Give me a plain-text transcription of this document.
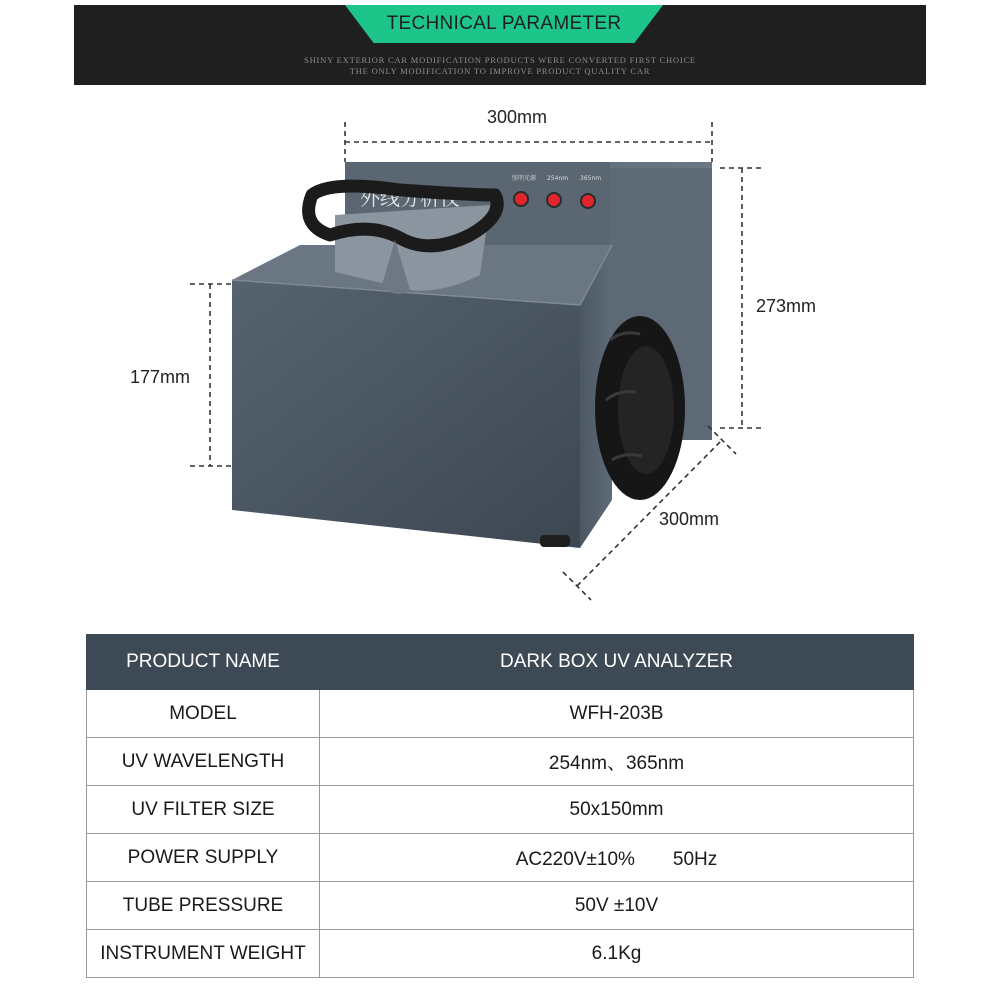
TECHNICAL PARAMETER
SHINY EXTERIOR CAR MODIFICATION PRODUCTS WERE CONVERTED FIRST CHOICE
THE ONLY MODIFICATION TO IMPROVE PRODUCT QUALITY CAR
外线分析仪
照明光源 254nm 365nm
300mm
273mm
177mm
300mm
PRODUCT NAME	DARK BOX UV ANALYZER
MODEL	WFH-203B
UV WAVELENGTH	254nm、365nm
UV FILTER SIZE	50x150mm
POWER SUPPLY	AC220V±10%　　50Hz
TUBE PRESSURE	50V ±10V
INSTRUMENT WEIGHT	6.1Kg
